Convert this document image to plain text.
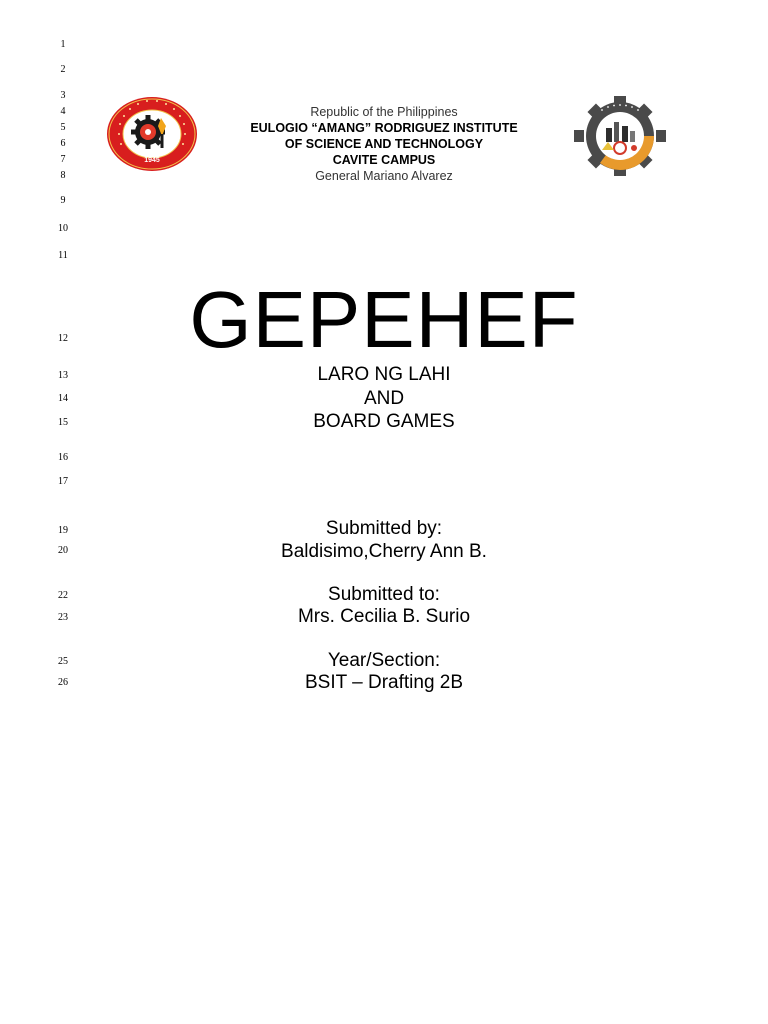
1
2
3
4
5
6
7
8
9
10
11
12
13
14
15
16
17
19
20
22
23
25
26
1945
Republic of the Philippines
EULOGIO “AMANG” RODRIGUEZ INSTITUTE
OF SCIENCE AND TECHNOLOGY
CAVITE CAMPUS
General Mariano Alvarez
GEPEHEF
LARO NG LAHI
AND
BOARD GAMES
Submitted by:
Baldisimo,Cherry Ann B.
Submitted to:
Mrs. Cecilia B. Surio
Year/Section:
BSIT – Drafting 2B
